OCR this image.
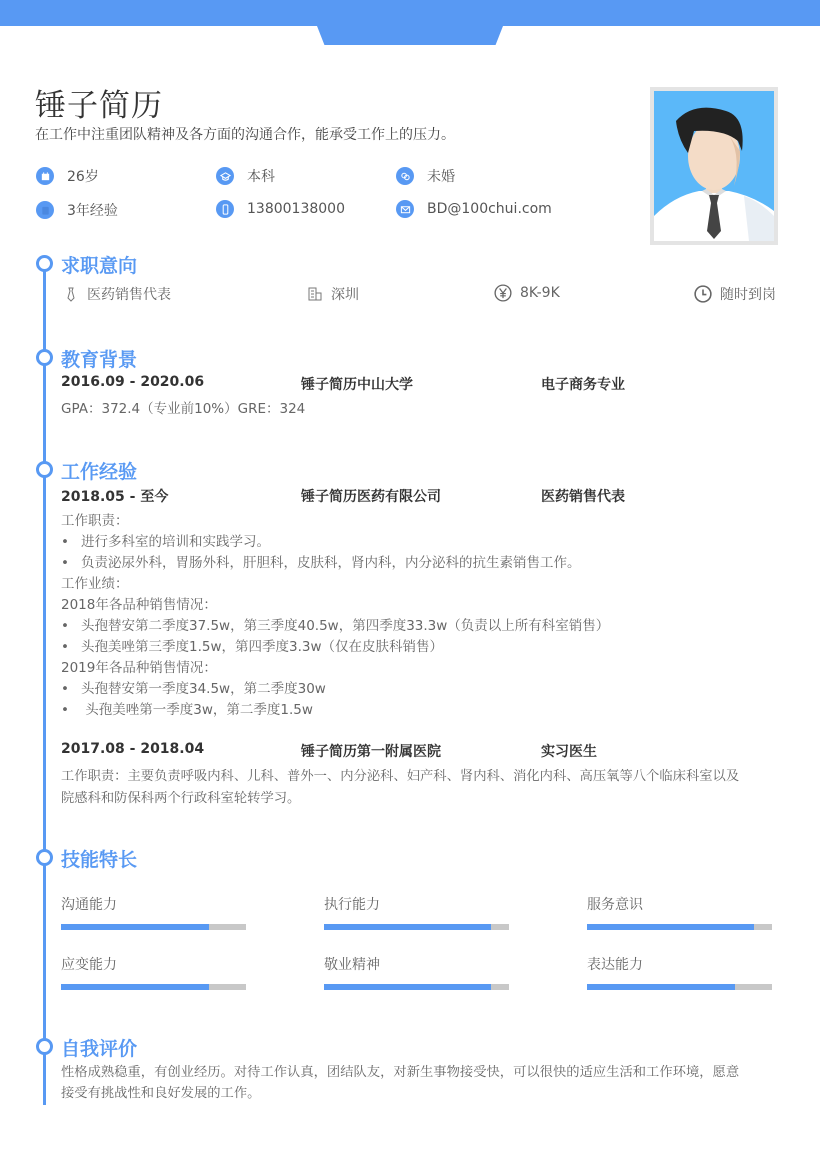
锤子简历
在工作中注重团队精神及各方面的沟通合作，能承受工作上的压力。
26岁	本科	未婚
3年经验	13800138000	BD@100chui.com
求职意向
医药销售代表	深圳	8K-9K	随时到岗
教育背景
2016.09 - 2020.06	锤子简历中山大学	电子商务专业
GPA：372.4（专业前10%）GRE：324
工作经验
2018.05 - 至今	锤子简历医药有限公司	医药销售代表
工作职责：
• 进行多科室的培训和实践学习。
• 负责泌尿外科，胃肠外科，肝胆科，皮肤科，肾内科，内分泌科的抗生素销售工作。
工作业绩：
2018年各品种销售情况：
• 头孢替安第二季度37.5w，第三季度40.5w，第四季度33.3w（负责以上所有科室销售）
• 头孢美唑第三季度1.5w，第四季度3.3w（仅在皮肤科销售）
2019年各品种销售情况：
• 头孢替安第一季度34.5w，第二季度30w
• 头孢美唑第一季度3w，第二季度1.5w
2017.08 - 2018.04	锤子简历第一附属医院	实习医生
工作职责：主要负责呼吸内科、儿科、普外一、内分泌科、妇产科、肾内科、消化内科、高压氧等八个临床科室以及
院感科和防保科两个行政科室轮转学习。
技能特长
沟通能力	执行能力	服务意识
应变能力	敬业精神	表达能力
自我评价
性格成熟稳重，有创业经历。对待工作认真，团结队友，对新生事物接受快，可以很快的适应生活和工作环境，愿意
接受有挑战性和良好发展的工作。
